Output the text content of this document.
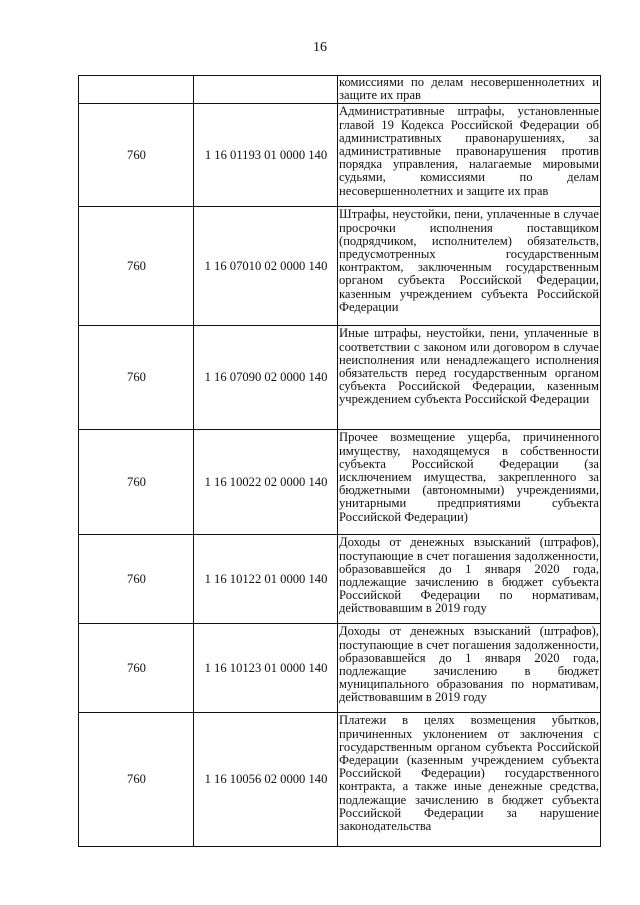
16
		комиссиями по делам несовершеннолетних и защите их прав
760	1 16 01193 01 0000 140	Административные штрафы, установленные главой 19 Кодекса Российской Федерации об административных правонарушениях, за административные правонарушения против порядка управления, налагаемые мировыми судьями, комиссиями по делам несовершеннолетних и защите их прав
760	1 16 07010 02 0000 140	Штрафы, неустойки, пени, уплаченные в случае просрочки исполнения поставщиком (подрядчиком, исполнителем) обязательств, предусмотренных государственным контрактом, заключенным государственным органом субъекта Российской Федерации, казенным учреждением субъекта Российской Федерации
760	1 16 07090 02 0000 140	Иные штрафы, неустойки, пени, уплаченные в соответствии с законом или договором в случае неисполнения или ненадлежащего исполнения обязательств перед государственным органом субъекта Российской Федерации, казенным учреждением субъекта Российской Федерации
760	1 16 10022 02 0000 140	Прочее возмещение ущерба, причиненного имуществу, находящемуся в собственности субъекта Российской Федерации (за исключением имущества, закрепленного за бюджетными (автономными) учреждениями, унитарными предприятиями субъекта Российской Федерации)
760	1 16 10122 01 0000 140	Доходы от денежных взысканий (штрафов), поступающие в счет погашения задолженности, образовавшейся до 1 января 2020 года, подлежащие зачислению в бюджет субъекта Российской Федерации по нормативам, действовавшим в 2019 году
760	1 16 10123 01 0000 140	Доходы от денежных взысканий (штрафов), поступающие в счет погашения задолженности, образовавшейся до 1 января 2020 года, подлежащие зачислению в бюджет муниципального образования по нормативам, действовавшим в 2019 году
760	1 16 10056 02 0000 140	Платежи в целях возмещения убытков, причиненных уклонением от заключения с государственным органом субъекта Российской Федерации (казенным учреждением субъекта Российской Федерации) государственного контракта, а также иные денежные средства, подлежащие зачислению в бюджет субъекта Российской Федерации за нарушение законодательства
